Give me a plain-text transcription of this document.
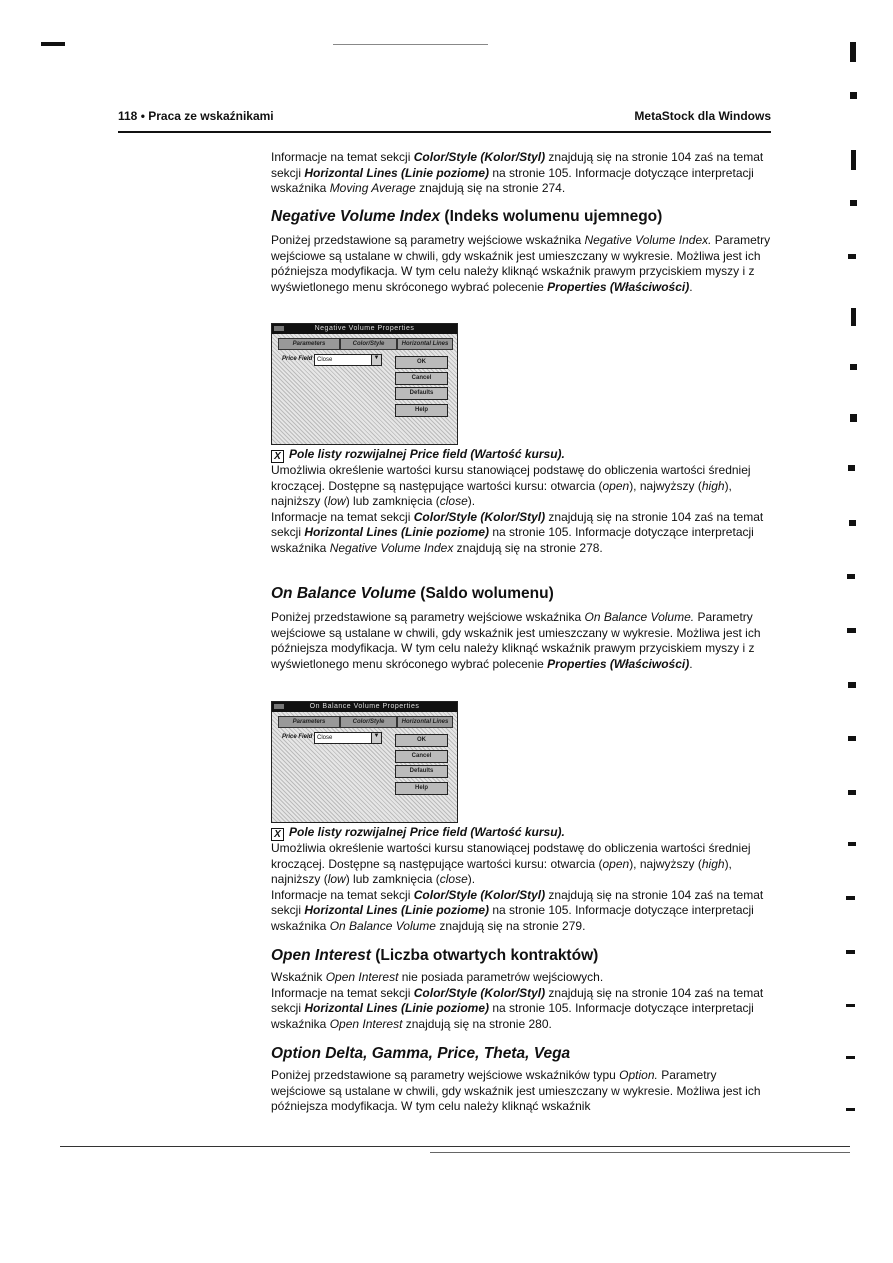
118 • Praca ze wskaźnikami	MetaStock dla Windows

Informacje na temat sekcji Color/Style (Kolor/Styl) znajdują się na stronie 104 zaś na temat sekcji Horizontal Lines (Linie poziome) na stronie 105. Informacje dotyczące interpretacji wskaźnika Moving Average znajdują się na stronie 274.

Negative Volume Index (Indeks wolumenu ujemnego)

Poniżej przedstawione są parametry wejściowe wskaźnika Negative Volume Index. Parametry wejściowe są ustalane w chwili, gdy wskaźnik jest umieszczany w wykresie. Możliwa jest ich późniejsza modyfikacja. W tym celu należy kliknąć wskaźnik prawym przyciskiem myszy i z wyświetlonego menu skróconego wybrać polecenie Properties (Właściwości).

Negative Volume Properties
Parameters	Color/Style	Horizontal Lines
Price Field Close	▼
OK
Cancel
Defaults
Help

X Pole listy rozwijalnej Price field (Wartość kursu).

Umożliwia określenie wartości kursu stanowiącej podstawę do obliczenia wartości średniej kroczącej. Dostępne są następujące wartości kursu: otwarcia (open), najwyższy (high), najniższy (low) lub zamknięcia (close).

Informacje na temat sekcji Color/Style (Kolor/Styl) znajdują się na stronie 104 zaś na temat sekcji Horizontal Lines (Linie poziome) na stronie 105. Informacje dotyczące interpretacji wskaźnika Negative Volume Index znajdują się na stronie 278.

On Balance Volume (Saldo wolumenu)

Poniżej przedstawione są parametry wejściowe wskaźnika On Balance Volume. Parametry wejściowe są ustalane w chwili, gdy wskaźnik jest umieszczany w wykresie. Możliwa jest ich późniejsza modyfikacja. W tym celu należy kliknąć wskaźnik prawym przyciskiem myszy i z wyświetlonego menu skróconego wybrać polecenie Properties (Właściwości).

On Balance Volume Properties
Parameters	Color/Style	Horizontal Lines
Price Field Close	▼
OK
Cancel
Defaults
Help

X Pole listy rozwijalnej Price field (Wartość kursu).

Umożliwia określenie wartości kursu stanowiącej podstawę do obliczenia wartości średniej kroczącej. Dostępne są następujące wartości kursu: otwarcia (open), najwyższy (high), najniższy (low) lub zamknięcia (close).

Informacje na temat sekcji Color/Style (Kolor/Styl) znajdują się na stronie 104 zaś na temat sekcji Horizontal Lines (Linie poziome) na stronie 105. Informacje dotyczące interpretacji wskaźnika On Balance Volume znajdują się na stronie 279.

Open Interest (Liczba otwartych kontraktów)

Wskaźnik Open Interest nie posiada parametrów wejściowych.

Informacje na temat sekcji Color/Style (Kolor/Styl) znajdują się na stronie 104 zaś na temat sekcji Horizontal Lines (Linie poziome) na stronie 105. Informacje dotyczące interpretacji wskaźnika Open Interest znajdują się na stronie 280.

Option Delta, Gamma, Price, Theta, Vega

Poniżej przedstawione są parametry wejściowe wskaźników typu Option. Parametry wejściowe są ustalane w chwili, gdy wskaźnik jest umieszczany w wykresie. Możliwa jest ich późniejsza modyfikacja. W tym celu należy kliknąć wskaźnik
